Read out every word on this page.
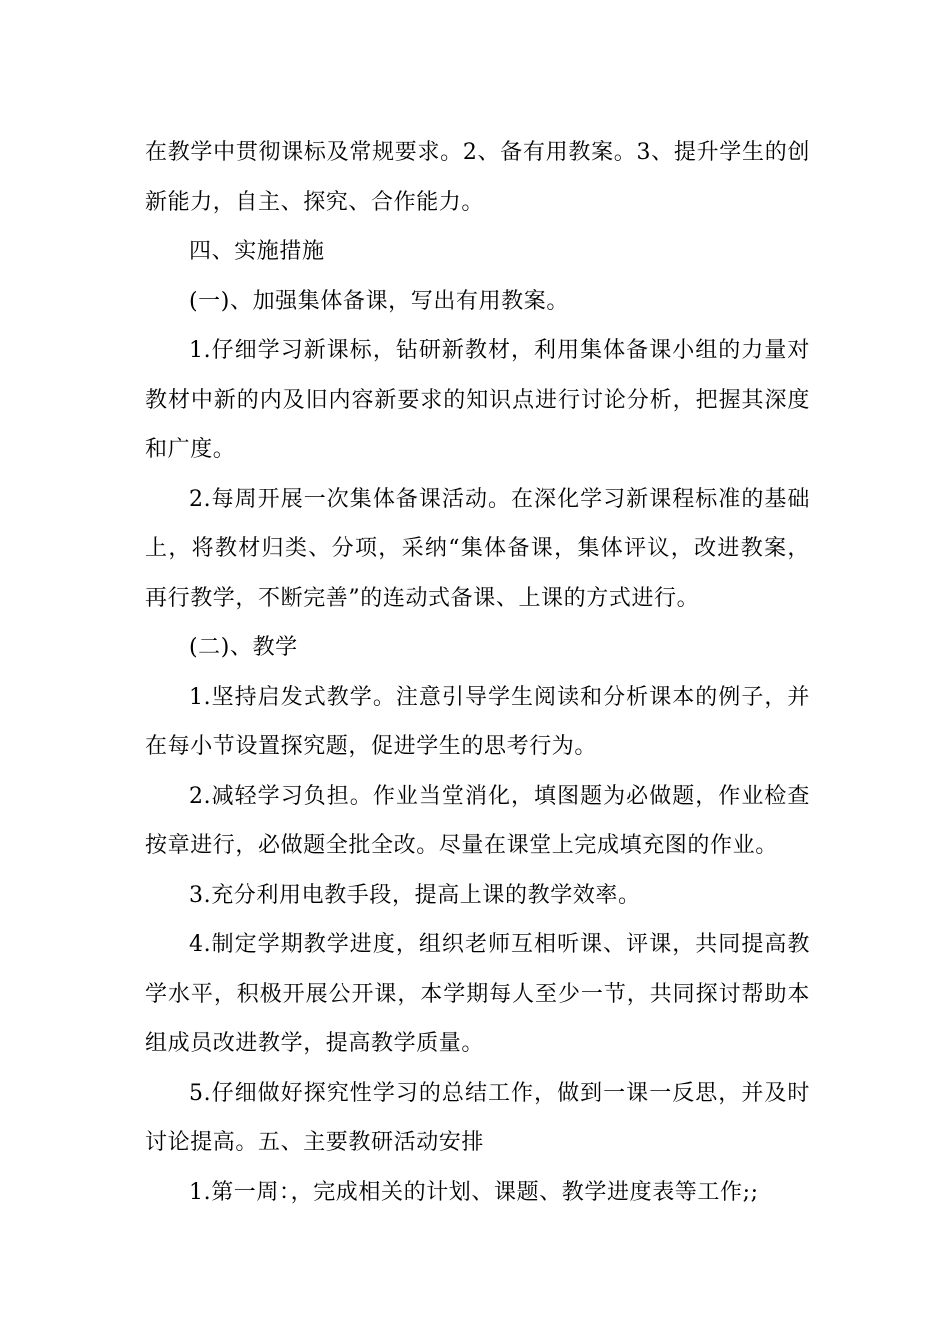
在教学中贯彻课标及常规要求。2、备有用教案。3、提升学生的创新能力，自主、探究、合作能力。

四、实施措施

(一)、加强集体备课，写出有用教案。

1.仔细学习新课标，钻研新教材，利用集体备课小组的力量对教材中新的内及旧内容新要求的知识点进行讨论分析，把握其深度和广度。

2.每周开展一次集体备课活动。在深化学习新课程标准的基础上，将教材归类、分项，采纳“集体备课，集体评议，改进教案，再行教学，不断完善”的连动式备课、上课的方式进行。

(二)、教学

1.坚持启发式教学。注意引导学生阅读和分析课本的例子，并在每小节设置探究题，促进学生的思考行为。

2.减轻学习负担。作业当堂消化，填图题为必做题，作业检查按章进行，必做题全批全改。尽量在课堂上完成填充图的作业。

3.充分利用电教手段，提高上课的教学效率。

4.制定学期教学进度，组织老师互相听课、评课，共同提高教学水平，积极开展公开课，本学期每人至少一节，共同探讨帮助本组成员改进教学，提高教学质量。

5.仔细做好探究性学习的总结工作，做到一课一反思，并及时讨论提高。五、主要教研活动安排

1.第一周：，完成相关的计划、课题、教学进度表等工作;;
